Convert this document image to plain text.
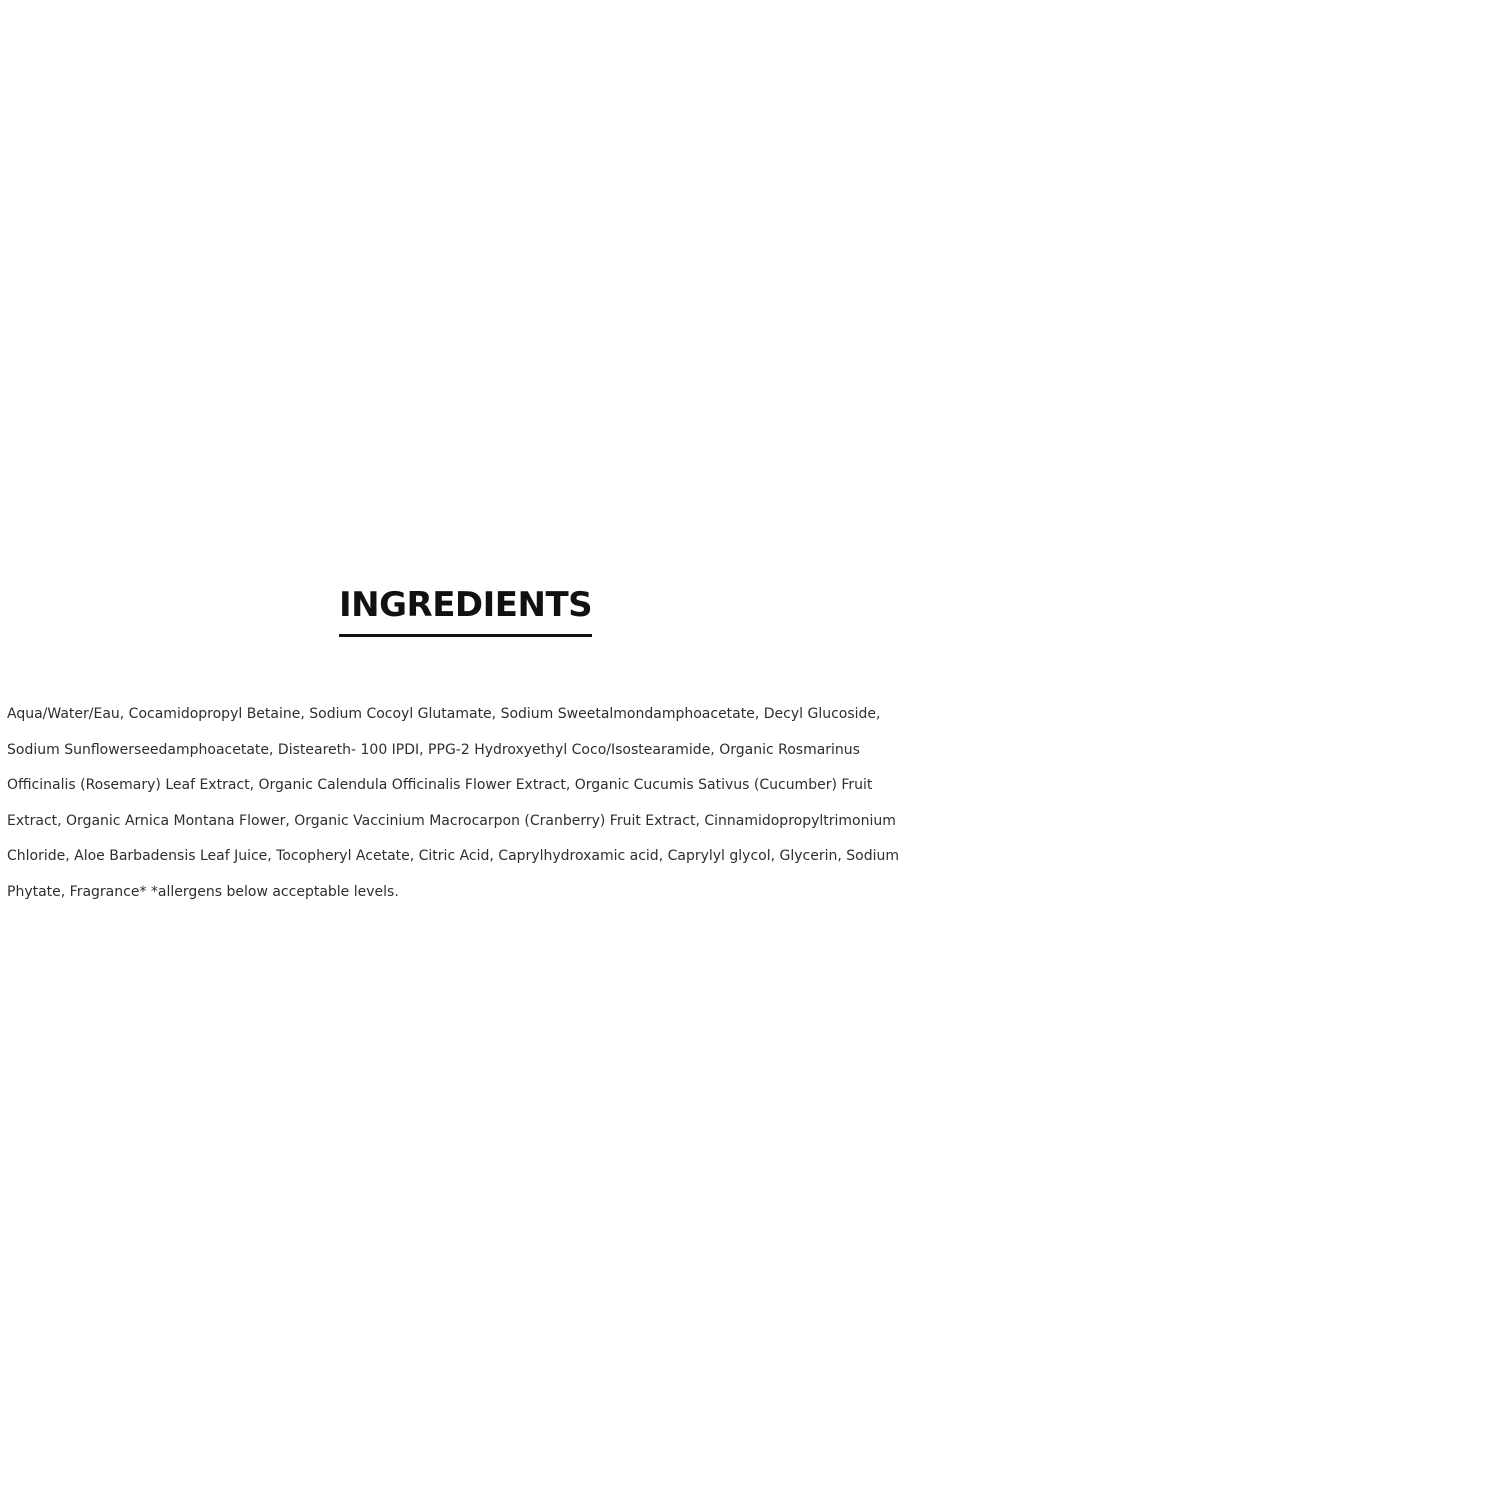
INGREDIENTS
Aqua/Water/Eau, Cocamidopropyl Betaine, Sodium Cocoyl Glutamate, Sodium Sweetalmondamphoacetate, Decyl Glucoside,
Sodium Sunflowerseedamphoacetate, Disteareth- 100 IPDI, PPG-2 Hydroxyethyl Coco/Isostearamide, Organic Rosmarinus
Officinalis (Rosemary) Leaf Extract, Organic Calendula Officinalis Flower Extract, Organic Cucumis Sativus (Cucumber) Fruit
Extract, Organic Arnica Montana Flower, Organic Vaccinium Macrocarpon (Cranberry) Fruit Extract, Cinnamidopropyltrimonium
Chloride, Aloe Barbadensis Leaf Juice, Tocopheryl Acetate, Citric Acid, Caprylhydroxamic acid, Caprylyl glycol, Glycerin, Sodium
Phytate, Fragrance* *allergens below acceptable levels.
